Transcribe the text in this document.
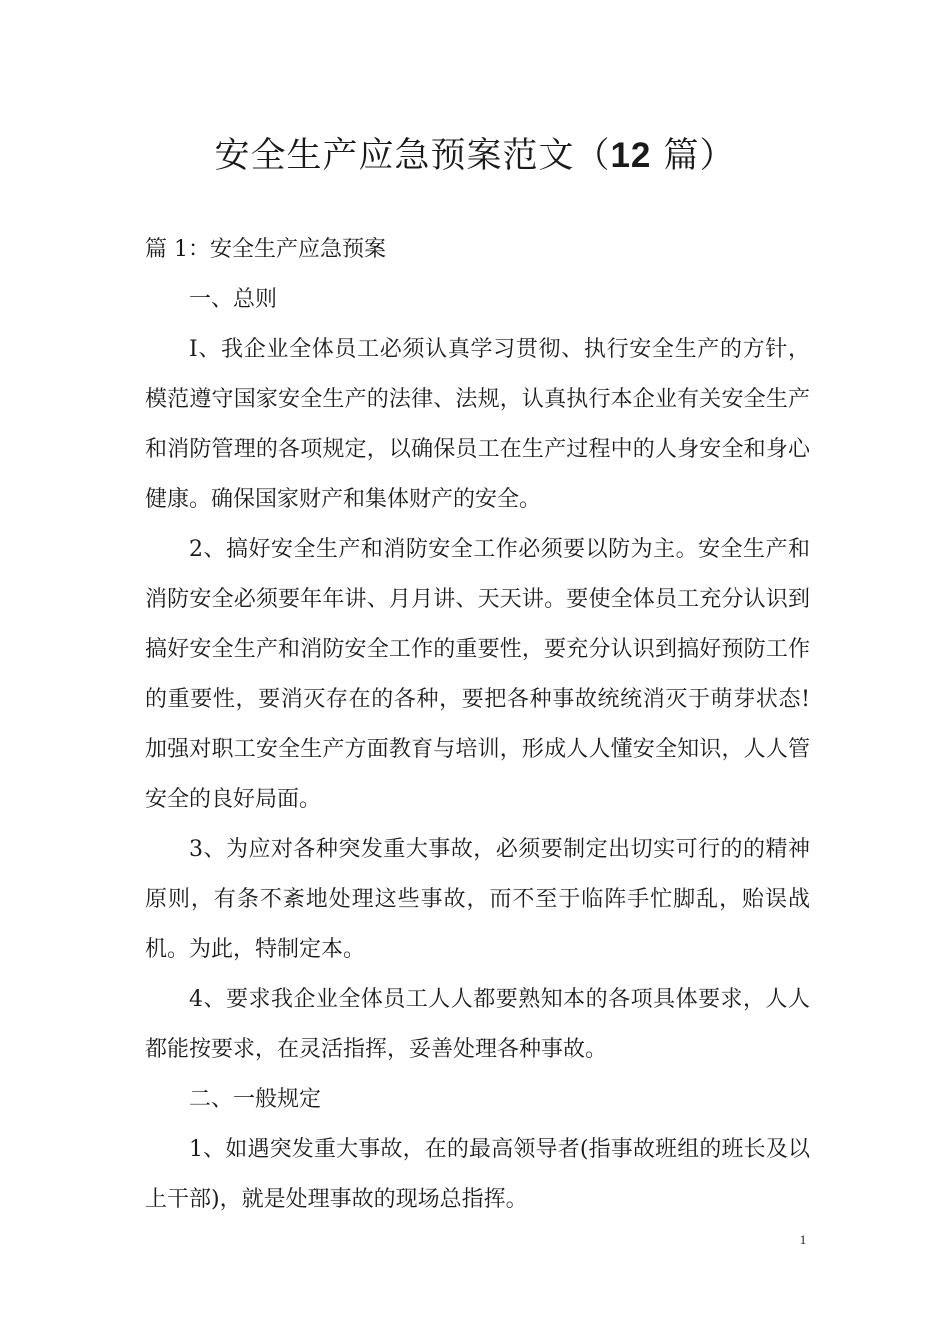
安全生产应急预案范文（12 篇）

篇 1：安全生产应急预案

一、总则

I、我企业全体员工必须认真学习贯彻、执行安全生产的方针，模范遵守国家安全生产的法律、法规，认真执行本企业有关安全生产和消防管理的各项规定，以确保员工在生产过程中的人身安全和身心健康。确保国家财产和集体财产的安全。

2、搞好安全生产和消防安全工作必须要以防为主。安全生产和消防安全必须要年年讲、月月讲、天天讲。要使全体员工充分认识到搞好安全生产和消防安全工作的重要性，要充分认识到搞好预防工作的重要性，要消灭存在的各种，要把各种事故统统消灭于萌芽状态!加强对职工安全生产方面教育与培训，形成人人懂安全知识，人人管安全的良好局面。

3、为应对各种突发重大事故，必须要制定出切实可行的的精神原则，有条不紊地处理这些事故，而不至于临阵手忙脚乱，贻误战机。为此，特制定本。

4、要求我企业全体员工人人都要熟知本的各项具体要求，人人都能按要求，在灵活指挥，妥善处理各种事故。

二、一般规定

1、如遇突发重大事故，在的最高领导者(指事故班组的班长及以上干部)，就是处理事故的现场总指挥。

1
